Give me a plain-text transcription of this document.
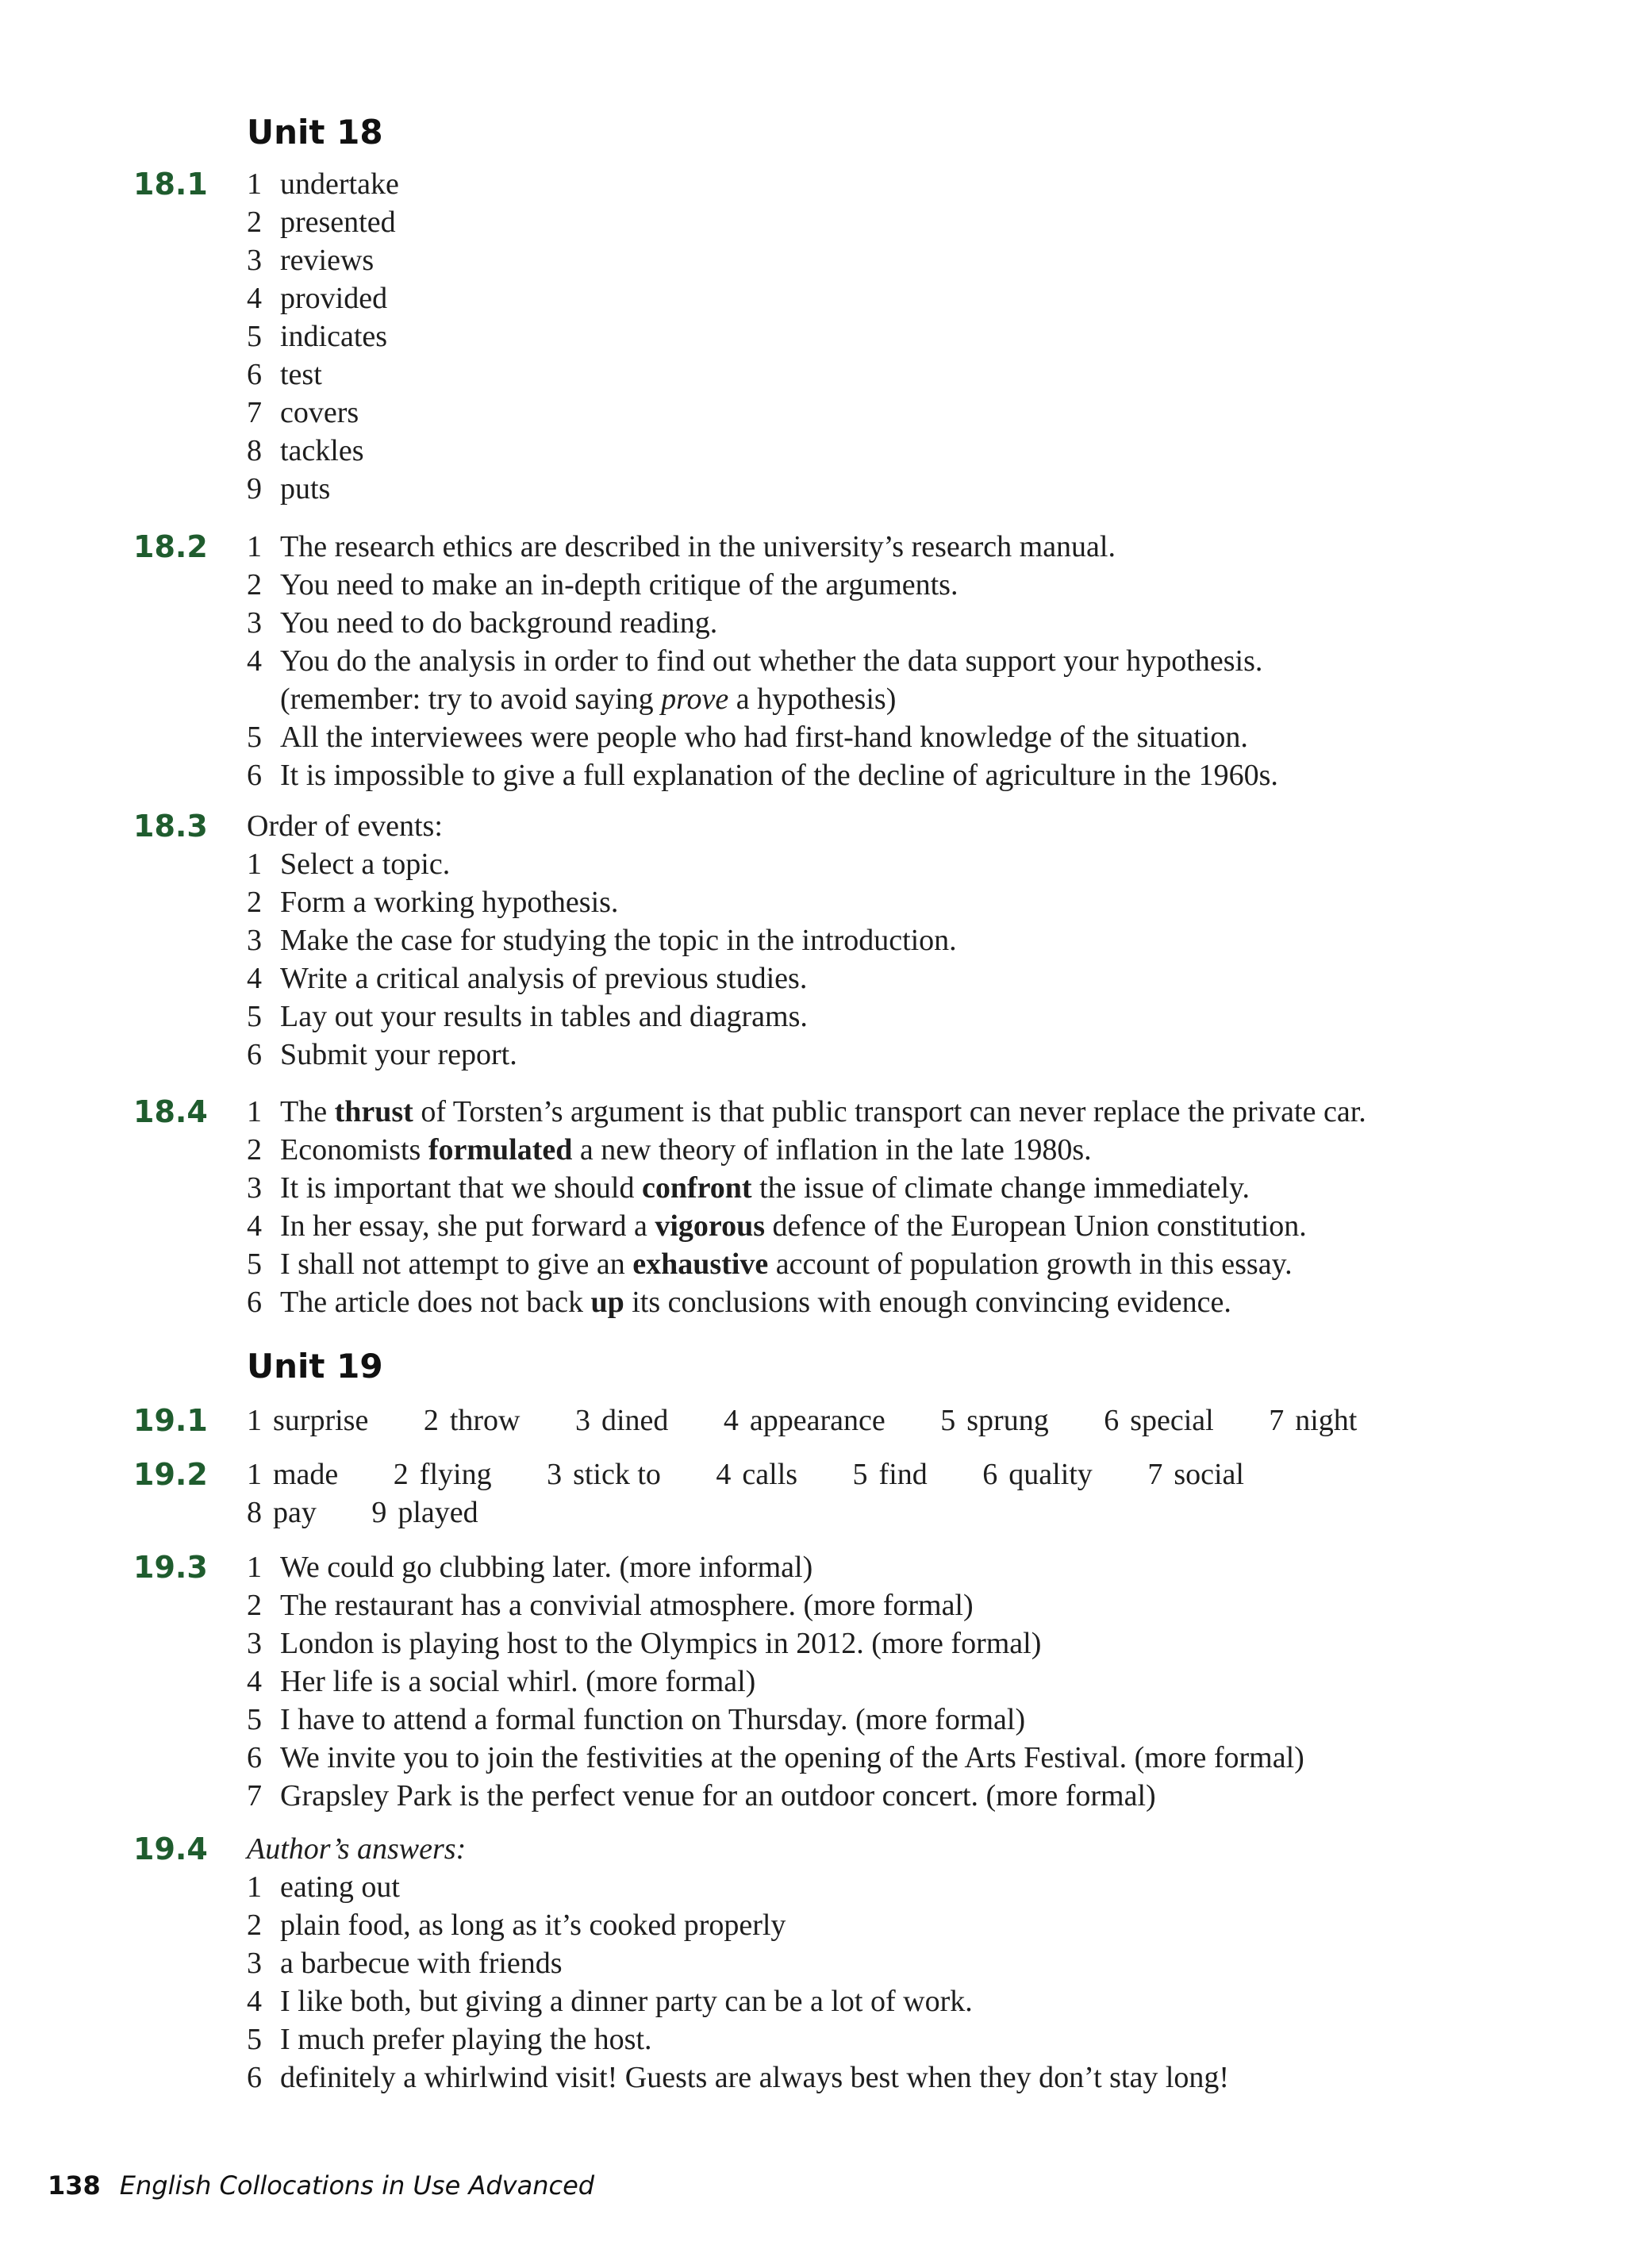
Unit 18
18.1 1 undertake
2 presented
3 reviews
4 provided
5 indicates
6 test
7 covers
8 tackles
9 puts
18.2 1 The research ethics are described in the university’s research manual.
2 You need to make an in-depth critique of the arguments.
3 You need to do background reading.
4 You do the analysis in order to find out whether the data support your hypothesis.
(remember: try to avoid saying prove a hypothesis)
5 All the interviewees were people who had first-hand knowledge of the situation.
6 It is impossible to give a full explanation of the decline of agriculture in the 1960s.
18.3 Order of events:
1 Select a topic.
2 Form a working hypothesis.
3 Make the case for studying the topic in the introduction.
4 Write a critical analysis of previous studies.
5 Lay out your results in tables and diagrams.
6 Submit your report.
18.4 1 The thrust of Torsten’s argument is that public transport can never replace the private car.
2 Economists formulated a new theory of inflation in the late 1980s.
3 It is important that we should confront the issue of climate change immediately.
4 In her essay, she put forward a vigorous defence of the European Union constitution.
5 I shall not attempt to give an exhaustive account of population growth in this essay.
6 The article does not back up its conclusions with enough convincing evidence.
Unit 19
19.1 1 surprise 2 throw 3 dined 4 appearance 5 sprung 6 special 7 night
19.2 1 made 2 flying 3 stick to 4 calls 5 find 6 quality 7 social
8 pay 9 played
19.3 1 We could go clubbing later. (more informal)
2 The restaurant has a convivial atmosphere. (more formal)
3 London is playing host to the Olympics in 2012. (more formal)
4 Her life is a social whirl. (more formal)
5 I have to attend a formal function on Thursday. (more formal)
6 We invite you to join the festivities at the opening of the Arts Festival. (more formal)
7 Grapsley Park is the perfect venue for an outdoor concert. (more formal)
19.4 Author’s answers:
1 eating out
2 plain food, as long as it’s cooked properly
3 a barbecue with friends
4 I like both, but giving a dinner party can be a lot of work.
5 I much prefer playing the host.
6 definitely a whirlwind visit! Guests are always best when they don’t stay long!
138 English Collocations in Use Advanced
